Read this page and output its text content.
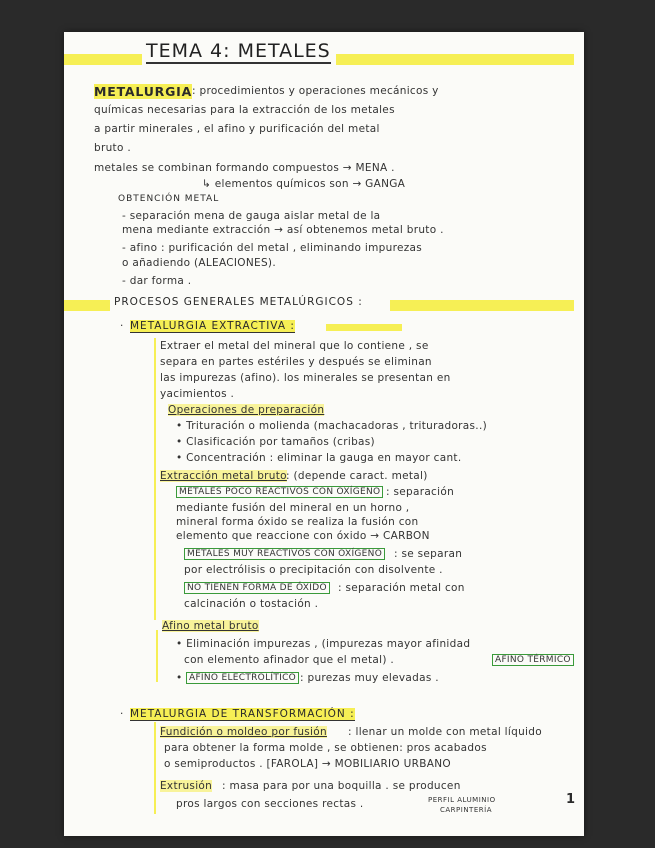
TEMA 4: METALES
METALURGIA : procedimientos y operaciones mecánicos y
químicas necesarias para la extracción de los metales
a partir minerales , el afino y purificación del metal
bruto .
metales se combinan formando compuestos → MENA .
↳ elementos químicos son → GANGA
OBTENCIÓN METAL
- separación mena de gauga aislar metal de la
mena mediante extracción → así obtenemos metal bruto .
- afino : purificación del metal , eliminando impurezas
o añadiendo (ALEACIONES).
- dar forma .
PROCESOS GENERALES METALÚRGICOS :
· METALURGIA EXTRACTIVA :
Extraer el metal del mineral que lo contiene , se
separa en partes estériles y después se eliminan
las impurezas (afino). los minerales se presentan en
yacimientos .
Operaciones de preparación
• Trituración o molienda (machacadoras , trituradoras..)
• Clasificación por tamaños (cribas)
• Concentración : eliminar la gauga en mayor cant.
Extracción metal bruto : (depende caract. metal)
METALES POCO REACTIVOS CON OXÍGENO : separación
mediante fusión del mineral en un horno ,
mineral forma óxido se realiza la fusión con
elemento que reaccione con óxido → CARBON
METALES MUY REACTIVOS CON OXÍGENO : se separan
por electrólisis o precipitación con disolvente .
NO TIENEN FORMA DE ÓXIDO : separación metal con
calcinación o tostación .
Afino metal bruto
• Eliminación impurezas , (impurezas mayor afinidad
con elemento afinador que el metal) .	AFINO TÉRMICO
• AFINO ELECTROLÍTICO : purezas muy elevadas .
· METALURGIA DE TRANSFORMACIÓN :
Fundición o moldeo por fusión : llenar un molde con metal líquido
para obtener la forma molde , se obtienen: pros acabados
o semiproductos . [FAROLA] → MOBILIARIO URBANO
Extrusión : masa para por una boquilla . se producen
pros largos con secciones rectas .	PERFIL ALUMINIO
CARPINTERÍA
1
